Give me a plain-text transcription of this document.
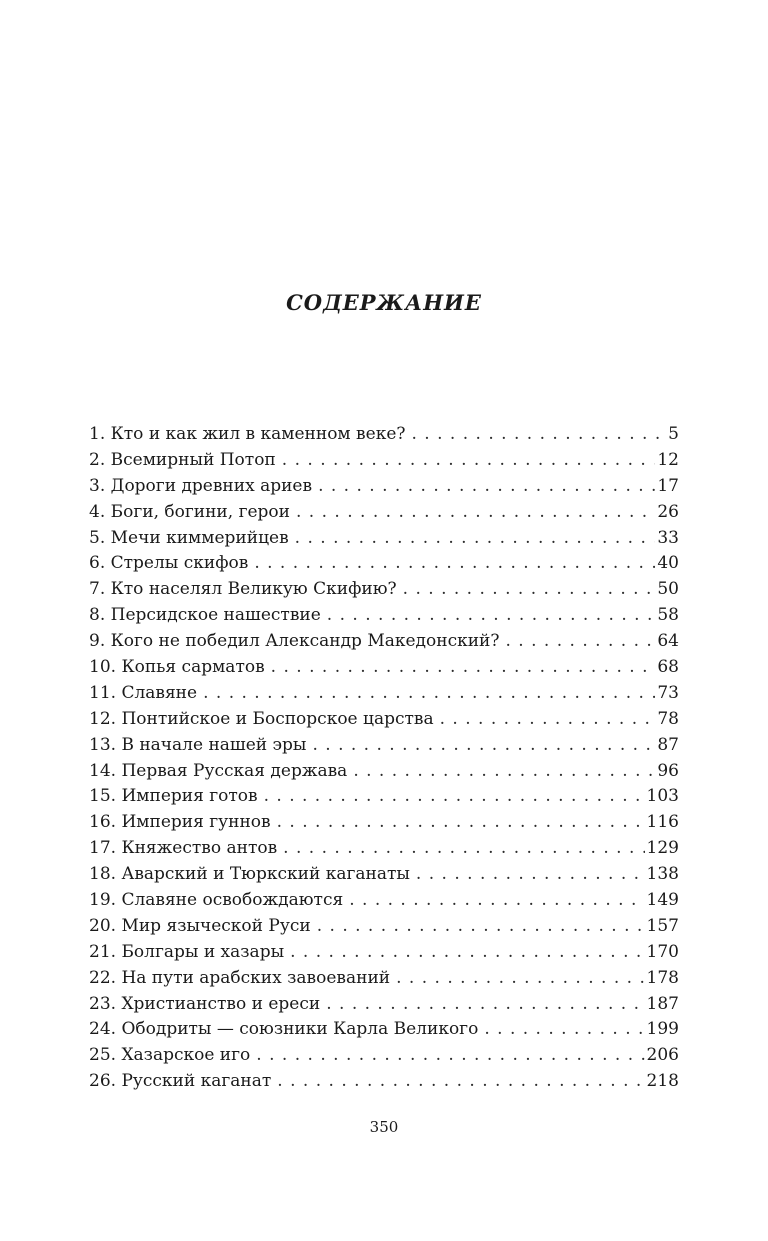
СОДЕРЖАНИЕ
1. Кто и как жил в каменном веке? . . .	5
2. Всемирный Потоп . . .	12
3. Дороги древних ариев . . .	17
4. Боги, богини, герои . . .	26
5. Мечи киммерийцев . . .	33
6. Стрелы скифов . . .	40
7. Кто населял Великую Скифию? . . .	50
8. Персидское нашествие . . .	58
9. Кого не победил Александр Македонский? . . .	64
10. Копья сарматов . . .	68
11. Славяне . . .	73
12. Понтийское и Боспорское царства . . .	78
13. В начале нашей эры . . .	87
14. Первая Русская держава . . .	96
15. Империя готов . . .	103
16. Империя гуннов . . .	116
17. Княжество антов . . .	129
18. Аварский и Тюркский каганаты . . .	138
19. Славяне освобождаются . . .	149
20. Мир языческой Руси . . .	157
21. Болгары и хазары . . .	170
22. На пути арабских завоеваний . . .	178
23. Христианство и ереси . . .	187
24. Ободриты — союзники Карла Великого . . .	199
25. Хазарское иго . . .	206
26. Русский каганат . . .	218
350
